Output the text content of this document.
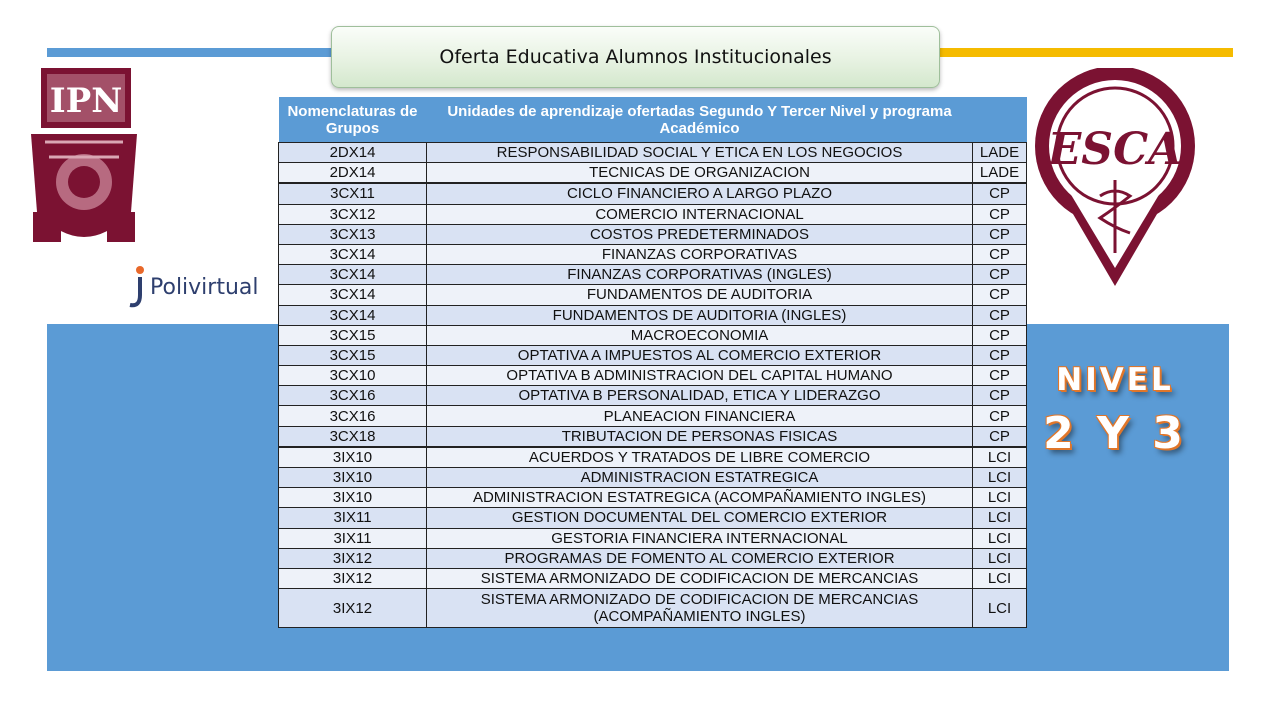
Oferta Educativa Alumnos Institucionales
IPN
Polivirtual
ESCA
NIVEL
2 Y 3
Nomenclaturas de Grupos	Unidades de aprendizaje ofertadas Segundo Y Tercer Nivel y programa Académico	
2DX14	RESPONSABILIDAD SOCIAL Y ETICA EN LOS NEGOCIOS	LADE
2DX14	TECNICAS DE ORGANIZACION	LADE
3CX11	CICLO FINANCIERO A LARGO PLAZO	CP
3CX12	COMERCIO INTERNACIONAL	CP
3CX13	COSTOS PREDETERMINADOS	CP
3CX14	FINANZAS CORPORATIVAS	CP
3CX14	FINANZAS CORPORATIVAS (INGLES)	CP
3CX14	FUNDAMENTOS DE AUDITORIA	CP
3CX14	FUNDAMENTOS DE AUDITORIA (INGLES)	CP
3CX15	MACROECONOMIA	CP
3CX15	OPTATIVA A IMPUESTOS AL COMERCIO EXTERIOR	CP
3CX10	OPTATIVA B ADMINISTRACION DEL CAPITAL HUMANO	CP
3CX16	OPTATIVA B PERSONALIDAD, ETICA Y LIDERAZGO	CP
3CX16	PLANEACION FINANCIERA	CP
3CX18	TRIBUTACION DE PERSONAS FISICAS	CP
3IX10	ACUERDOS Y TRATADOS DE LIBRE COMERCIO	LCI
3IX10	ADMINISTRACION ESTATREGICA	LCI
3IX10	ADMINISTRACION ESTATREGICA (ACOMPAÑAMIENTO INGLES)	LCI
3IX11	GESTION DOCUMENTAL DEL COMERCIO EXTERIOR	LCI
3IX11	GESTORIA FINANCIERA INTERNACIONAL	LCI
3IX12	PROGRAMAS DE FOMENTO AL COMERCIO EXTERIOR	LCI
3IX12	SISTEMA ARMONIZADO DE CODIFICACION DE MERCANCIAS	LCI
3IX12	SISTEMA ARMONIZADO DE CODIFICACION DE MERCANCIAS (ACOMPAÑAMIENTO INGLES)	LCI
